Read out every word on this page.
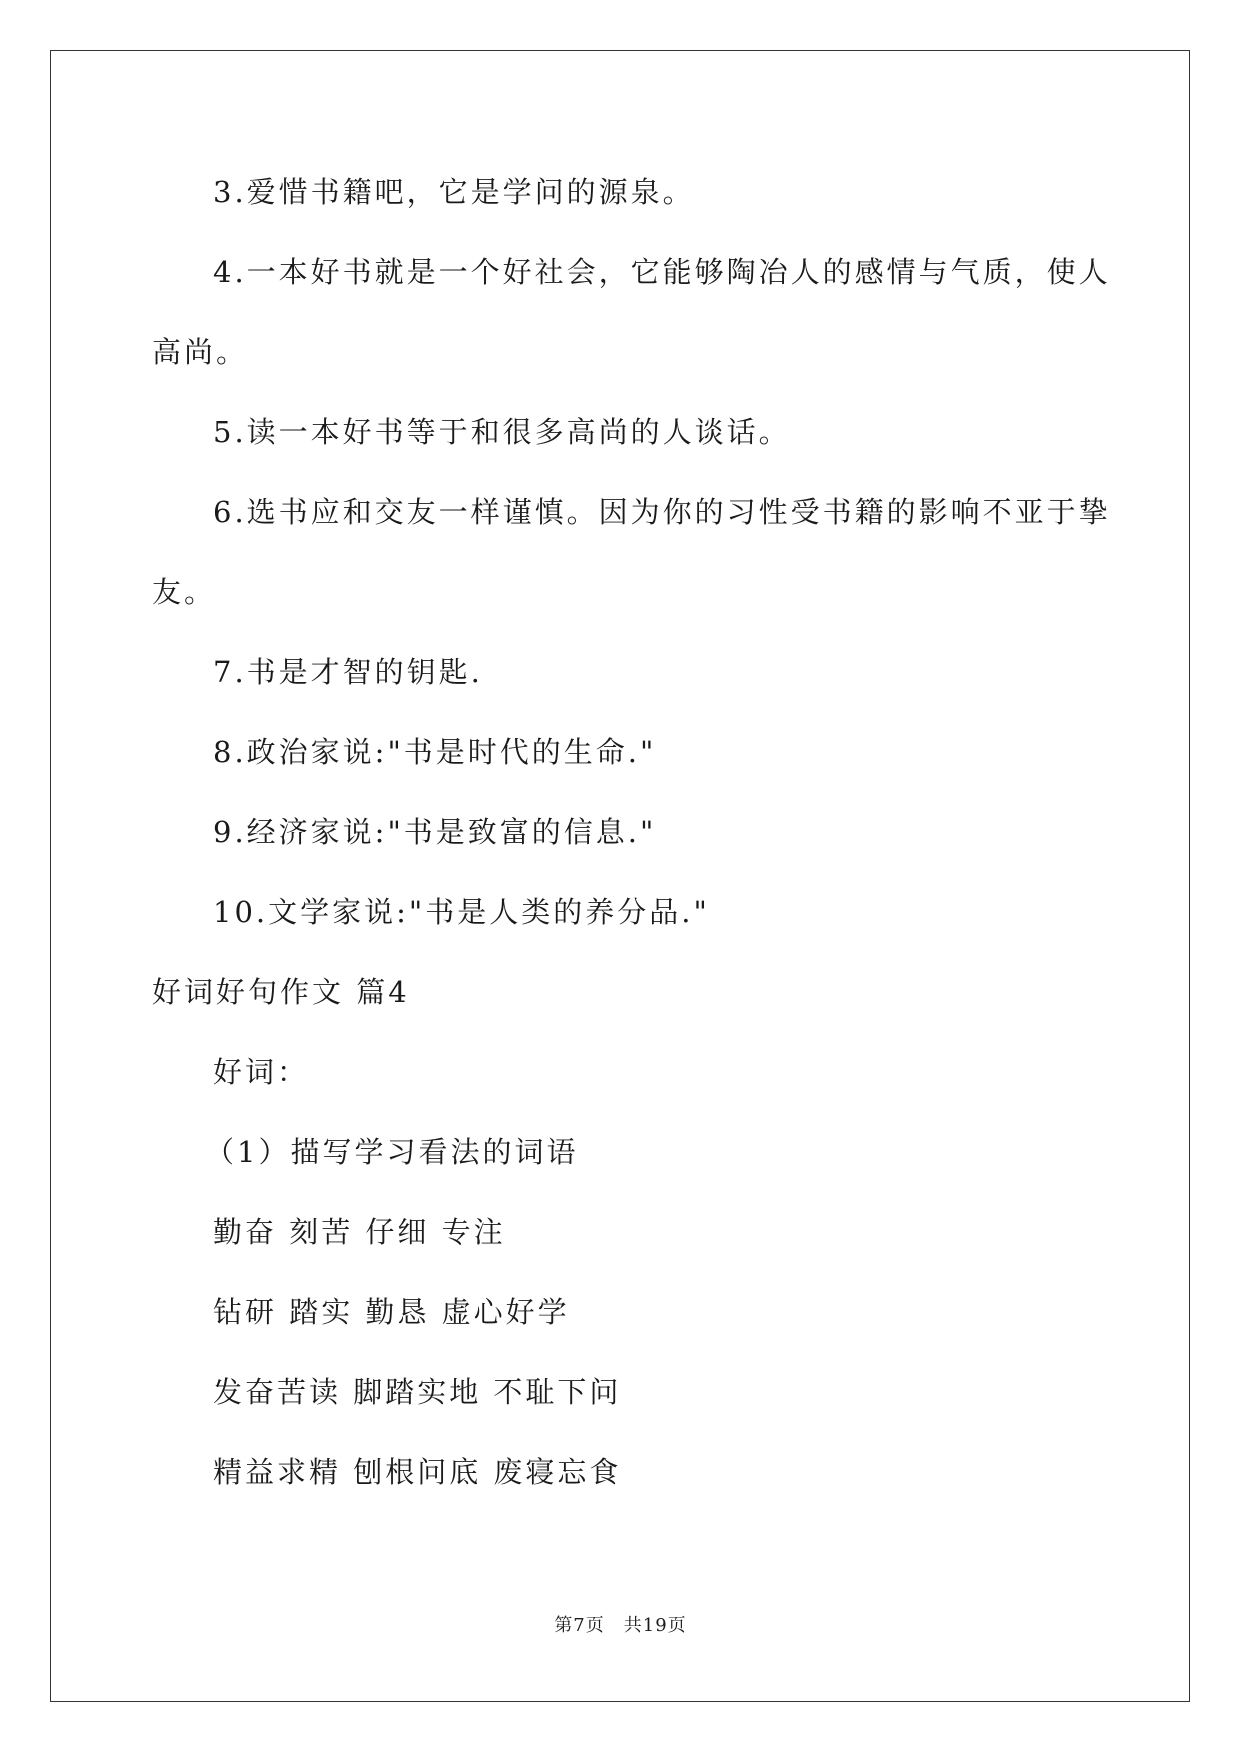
3.爱惜书籍吧，它是学问的源泉。
4.一本好书就是一个好社会，它能够陶冶人的感情与气质，使人
高尚。
5.读一本好书等于和很多高尚的人谈话。
6.选书应和交友一样谨慎。因为你的习性受书籍的影响不亚于挚
友。
7.书是才智的钥匙.
8.政治家说:"书是时代的生命."
9.经济家说:"书是致富的信息."
10.文学家说:"书是人类的养分品."
好词好句作文 篇4
好词：
（1）描写学习看法的词语
勤奋 刻苦 仔细 专注
钻研 踏实 勤恳 虚心好学
发奋苦读 脚踏实地 不耻下问
精益求精 刨根问底 废寝忘食
第7页　共19页
